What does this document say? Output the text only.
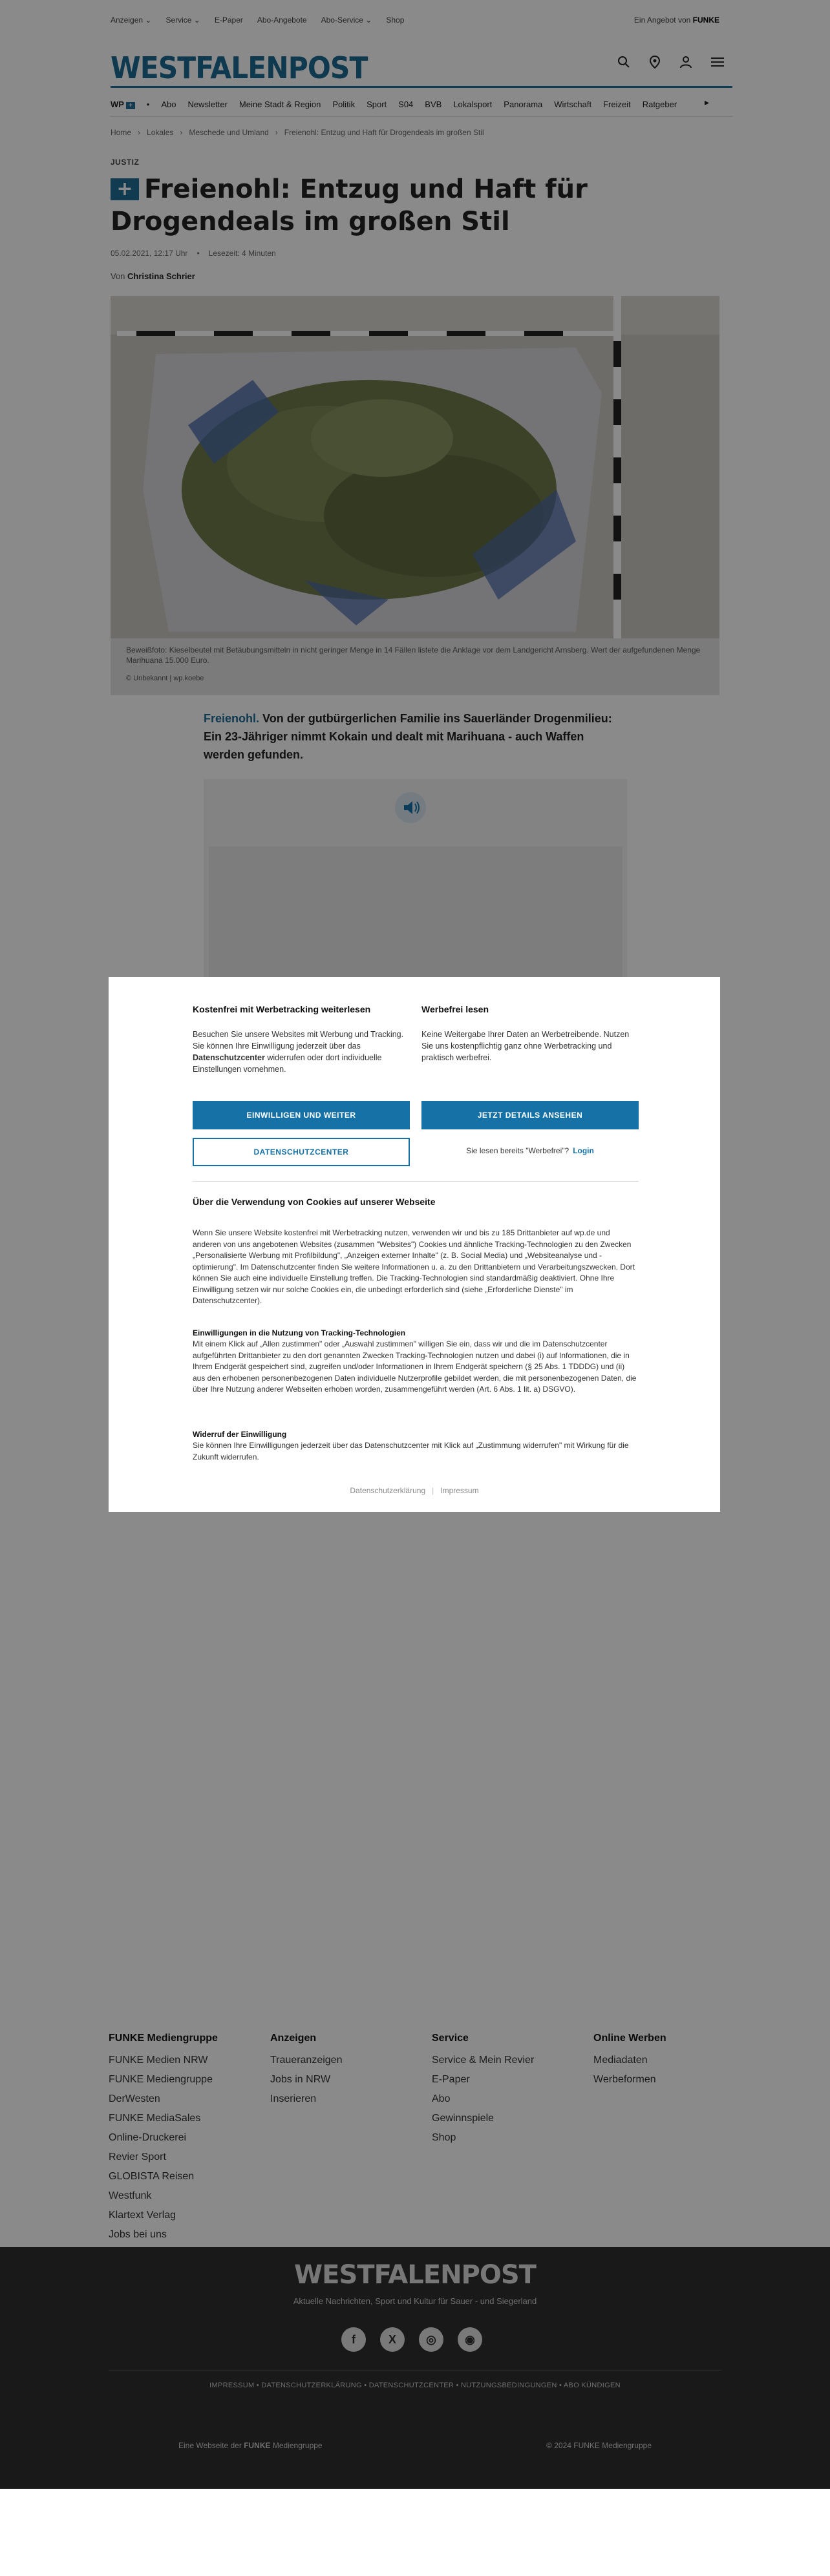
Anzeigen ⌄ Service ⌄ E-Paper Abo-Angebote Abo-Service ⌄ Shop	Ein Angebot von FUNKE
WESTFALENPOST
WP +	• Abo Newsletter Meine Stadt & Region Politik Sport S04 BVB Lokalsport Panorama Wirtschaft Freizeit Ratgeber	▸
Home › Lokales › Meschede und Umland › Freienohl: Entzug und Haft für Drogendeals im großen Stil
JUSTIZ
+ Freienohl: Entzug und Haft für Drogendeals im großen Stil
05.02.2021, 12:17 Uhr • Lesezeit: 4 Minuten
Von Christina Schrier
Beweißfoto: Kieselbeutel mit Betäubungsmitteln in nicht geringer Menge in 14 Fällen listete die Anklage vor dem Landgericht Arnsberg. Wert der aufgefundenen Menge Marihuana 15.000 Euro.
© Unbekannt | wp.koebe

Freienohl. Von der gutbürgerlichen Familie ins Sauerländer Drogenmilieu: Ein 23-Jähriger nimmt Kokain und dealt mit Marihuana - auch Waffen werden gefunden.

FUNKE Mediengruppe
FUNKE Medien NRW
FUNKE Mediengruppe
DerWesten
FUNKE MediaSales
Online-Druckerei
Revier Sport
GLOBISTA Reisen
Westfunk
Klartext Verlag
Jobs bei uns
Anzeigen
Traueranzeigen
Jobs in NRW
Inserieren
Service
Service & Mein Revier
E-Paper
Abo
Gewinnspiele
Shop
Online Werben
Mediadaten
Werbeformen
WESTFALENPOST
Aktuelle Nachrichten, Sport und Kultur für Sauer - und Siegerland
f	X	◎	◉
IMPRESSUM • DATENSCHUTZERKLÄRUNG • DATENSCHUTZCENTER • NUTZUNGSBEDINGUNGEN • ABO KÜNDIGEN
Eine Webseite der FUNKE Mediengruppe	© 2024 FUNKE Mediengruppe
Kostenfrei mit Werbetracking weiterlesen

Besuchen Sie unsere Websites mit Werbung und Tracking. Sie können Ihre Einwilligung jederzeit über das Datenschutzcenter widerrufen oder dort individuelle Einstellungen vornehmen.

Werbefrei lesen

Keine Weitergabe Ihrer Daten an Werbetreibende. Nutzen Sie uns kostenpflichtig ganz ohne Werbetracking und praktisch werbefrei.

EINWILLIGEN UND WEITER	JETZT DETAILS ANSEHEN
DATENSCHUTZCENTER	Sie lesen bereits "Werbefrei"? Login
Über die Verwendung von Cookies auf unserer Webseite

Wenn Sie unsere Website kostenfrei mit Werbetracking nutzen, verwenden wir und bis zu 185 Drittanbieter auf wp.de und anderen von uns angebotenen Websites (zusammen "Websites") Cookies und ähnliche Tracking-Technologien zu den Zwecken „Personalisierte Werbung mit Profilbildung", „Anzeigen externer Inhalte" (z. B. Social Media) und „Websiteanalyse und -optimierung". Im Datenschutzcenter finden Sie weitere Informationen u. a. zu den Drittanbietern und Verarbeitungszwecken. Dort können Sie auch eine individuelle Einstellung treffen. Die Tracking-Technologien sind standardmäßig deaktiviert. Ohne Ihre Einwilligung setzen wir nur solche Cookies ein, die unbedingt erforderlich sind (siehe „Erforderliche Dienste" im Datenschutzcenter).

Einwilligungen in die Nutzung von Tracking-Technologien

Mit einem Klick auf „Allen zustimmen" oder „Auswahl zustimmen" willigen Sie ein, dass wir und die im Datenschutzcenter aufgeführten Drittanbieter zu den dort genannten Zwecken Tracking-Technologien nutzen und dabei (i) auf Informationen, die in Ihrem Endgerät gespeichert sind, zugreifen und/oder Informationen in Ihrem Endgerät speichern (§ 25 Abs. 1 TDDDG) und (ii) aus den erhobenen personenbezogenen Daten individuelle Nutzerprofile gebildet werden, die mit personenbezogenen Daten, die über Ihre Nutzung anderer Webseiten erhoben worden, zusammengeführt werden (Art. 6 Abs. 1 lit. a) DSGVO).

Widerruf der Einwilligung

Sie können Ihre Einwilligungen jederzeit über das Datenschutzcenter mit Klick auf „Zustimmung widerrufen" mit Wirkung für die Zukunft widerrufen.

Datenschutzerklärung | Impressum
